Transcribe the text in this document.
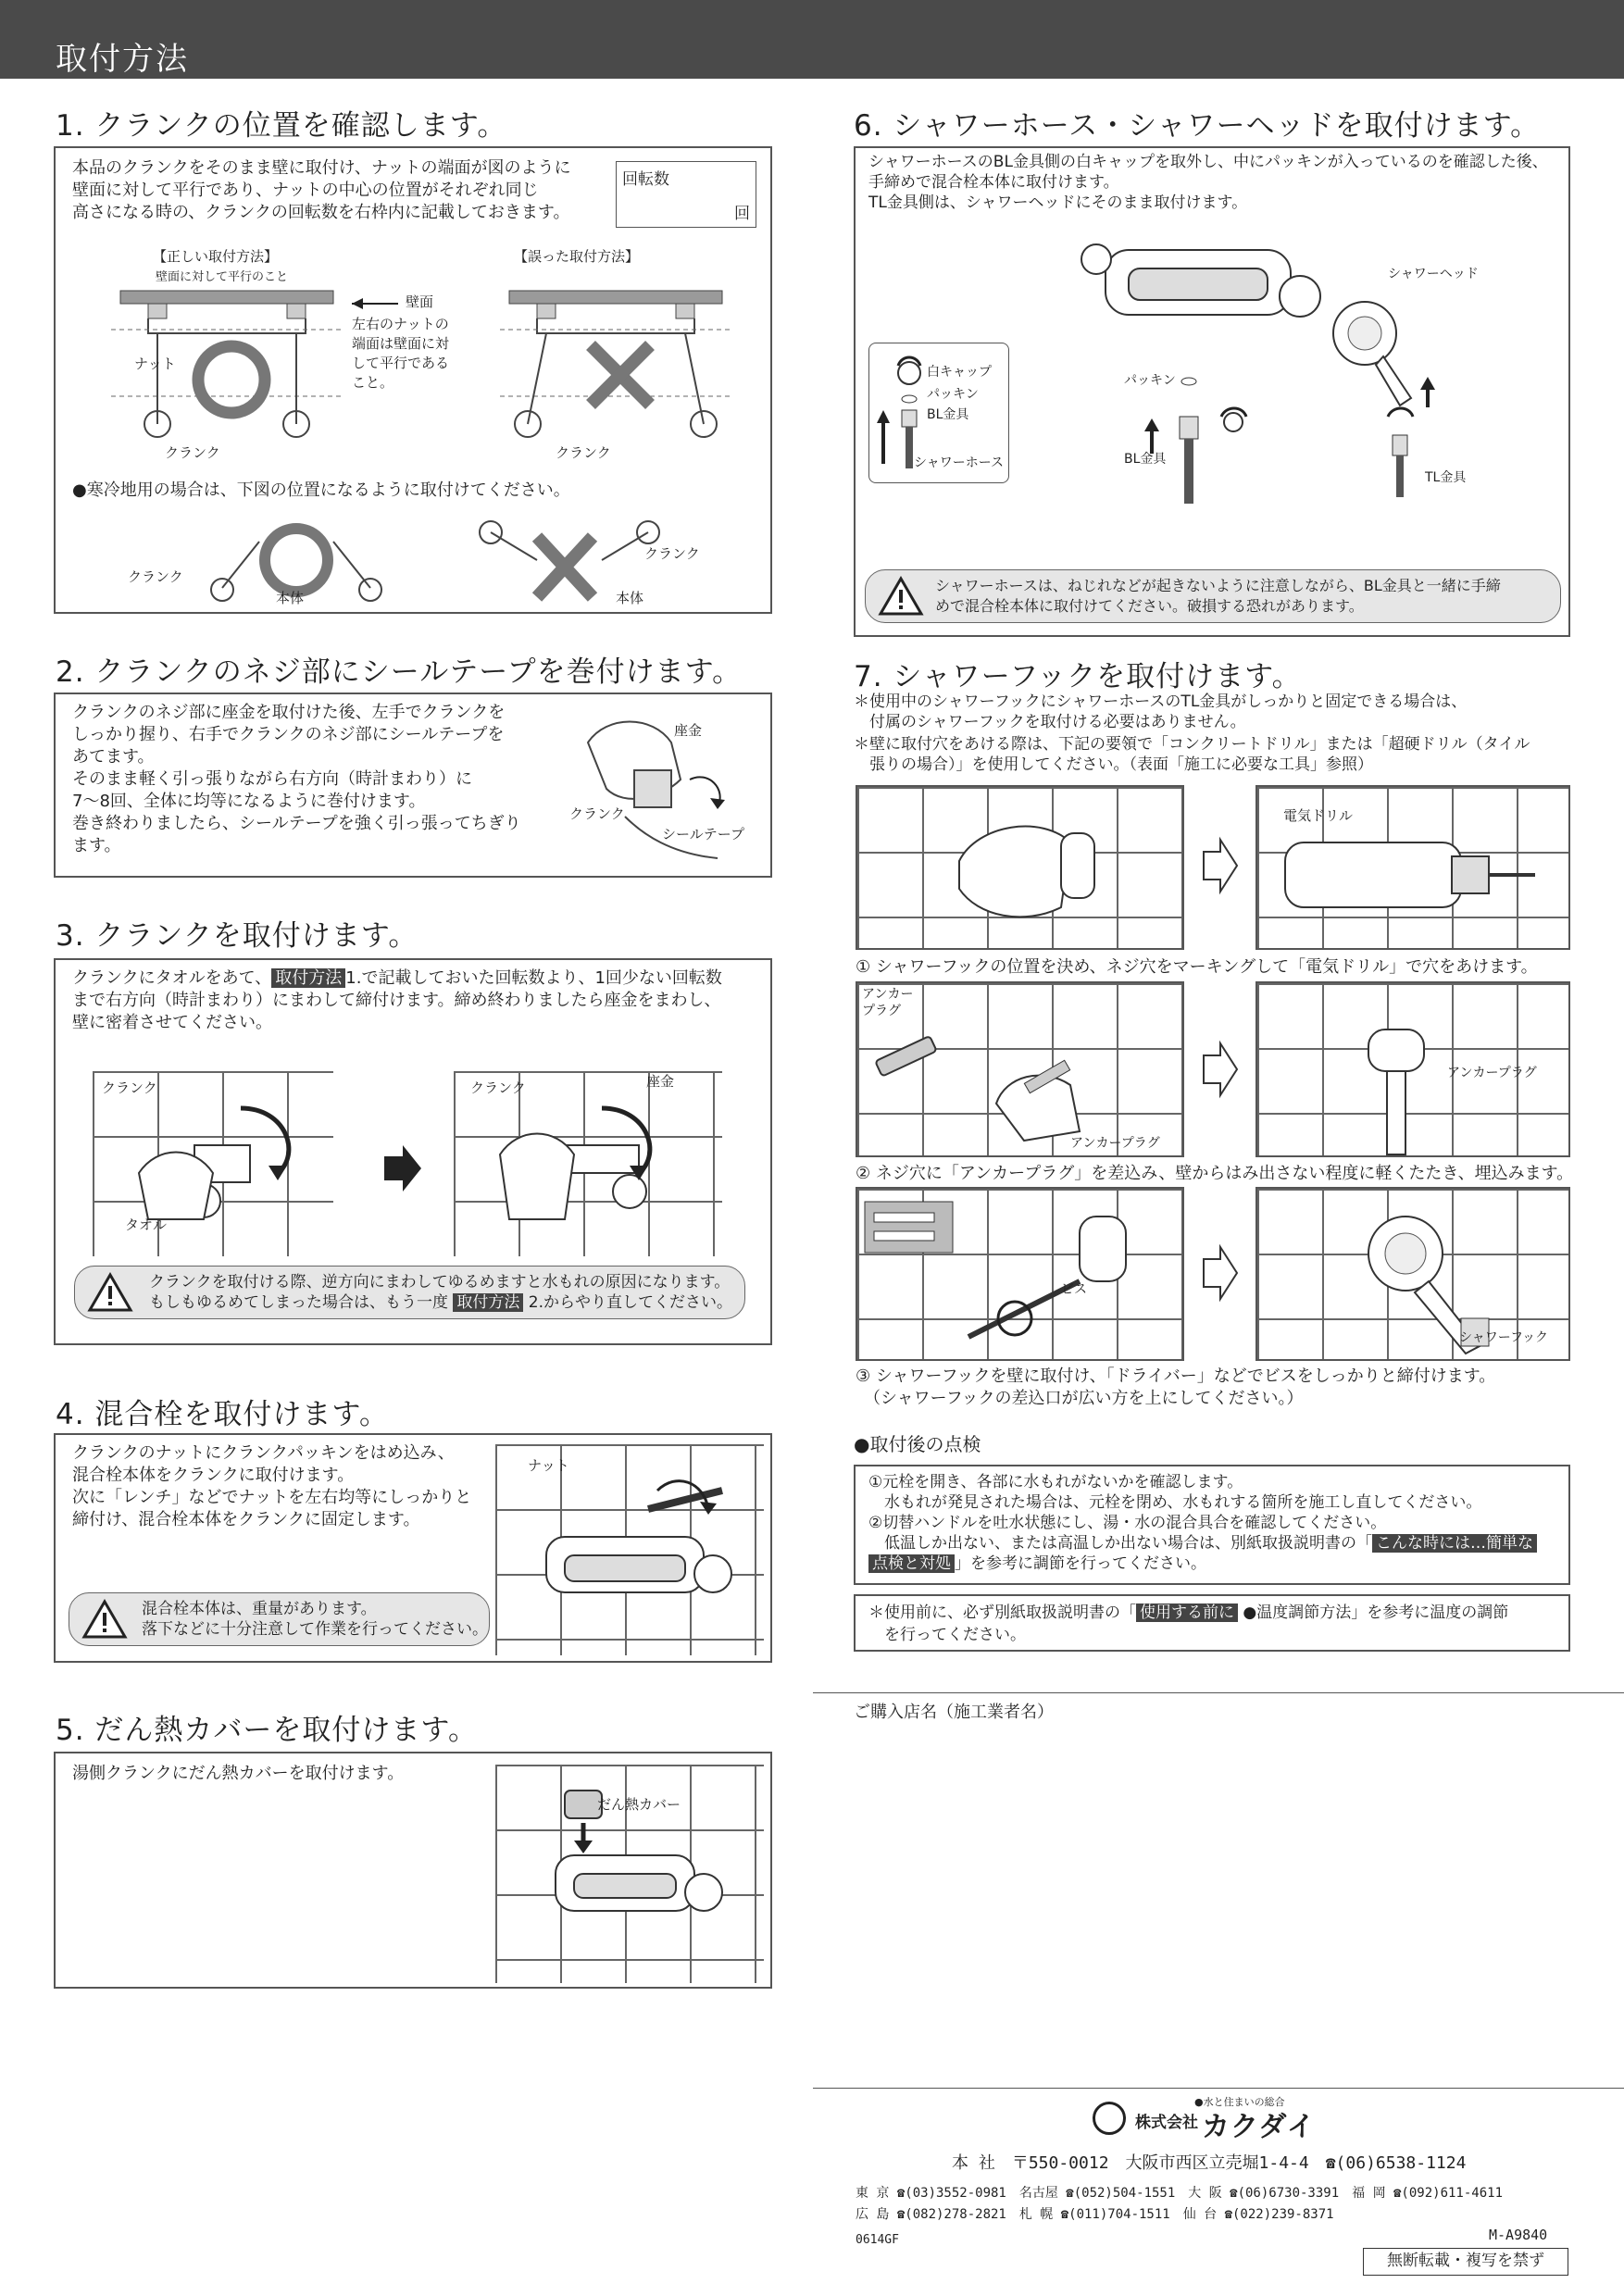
取付方法
1. クランクの位置を確認します。
本品のクランクをそのまま壁に取付け、ナットの端面が図のように
壁面に対して平行であり、ナットの中心の位置がそれぞれ同じ
高さになる時の、クランクの回転数を右枠内に記載しておきます。
回転数
回
【正しい取付方法】
壁面に対して平行のこと
【誤った取付方法】
壁面
ナット
クランク
左右のナットの
端面は壁面に対
して平行である
こと。
クランク
●寒冷地用の場合は、下図の位置になるように取付けてください。
クランク
本体
クランク
本体
2. クランクのネジ部にシールテープを巻付けます。
クランクのネジ部に座金を取付けた後、左手でクランクを
しっかり握り、右手でクランクのネジ部にシールテープを
あてます。
そのまま軽く引っ張りながら右方向（時計まわり）に
7〜8回、全体に均等になるように巻付けます。
巻き終わりましたら、シールテープを強く引っ張ってちぎり
ます。
座金
クランク
シールテープ
3. クランクを取付けます。
クランクにタオルをあて、 取付方法 1.で記載しておいた回転数より、1回少ない回転数
まで右方向（時計まわり）にまわして締付けます。締め終わりましたら座金をまわし、
壁に密着させてください。
クランク
タオル
クランク	座金
クランクを取付ける際、逆方向にまわしてゆるめますと水もれの原因になります。
もしもゆるめてしまった場合は、もう一度 取付方法 2.からやり直してください。
4. 混合栓を取付けます。
クランクのナットにクランクパッキンをはめ込み、
混合栓本体をクランクに取付けます。
次に「レンチ」などでナットを左右均等にしっかりと
締付け、混合栓本体をクランクに固定します。
ナット
混合栓本体は、重量があります。
落下などに十分注意して作業を行ってください。
5. だん熱カバーを取付けます。
湯側クランクにだん熱カバーを取付けます。
だん熱カバー
6. シャワーホース・シャワーヘッドを取付けます。
シャワーホースのBL金具側の白キャップを取外し、中にパッキンが入っているのを確認した後、
手締めで混合栓本体に取付けます。
TL金具側は、シャワーヘッドにそのまま取付けます。
白キャップ
パッキン
BL金具
シャワーホース
パッキン
BL金具
シャワーヘッド
TL金具
シャワーホースは、ねじれなどが起きないように注意しながら、BL金具と一緒に手締
めで混合栓本体に取付けてください。破損する恐れがあります。
7. シャワーフックを取付けます。
＊使用中のシャワーフックにシャワーホースのTL金具がしっかりと固定できる場合は、
　付属のシャワーフックを取付ける必要はありません。
＊壁に取付穴をあける際は、下記の要領で「コンクリートドリル」または「超硬ドリル（タイル
　張りの場合）」を使用してください。（表面「施工に必要な工具」参照）
電気ドリル
① シャワーフックの位置を決め、ネジ穴をマーキングして「電気ドリル」で穴をあけます。
アンカー
プラグ
アンカープラグ
アンカープラグ
② ネジ穴に「アンカープラグ」を差込み、壁からはみ出さない程度に軽くたたき、埋込みます。
ビス
シャワーフック
③ シャワーフックを壁に取付け、「ドライバー」などでビスをしっかりと締付けます。
　（シャワーフックの差込口が広い方を上にしてください。）
●取付後の点検
①元栓を開き、各部に水もれがないかを確認します。
　水もれが発見された場合は、元栓を閉め、水もれする箇所を施工し直してください。
②切替ハンドルを吐水状態にし、湯・水の混合具合を確認してください。
　低温しか出ない、または高温しか出ない場合は、別紙取扱説明書の「 こんな時には…簡単な
点検と対処 」を参考に調節を行ってください。
＊使用前に、必ず別紙取扱説明書の「 使用する前に ●温度調節方法」を参考に温度の調節
　を行ってください。
ご購入店名（施工業者名）
●水と住まいの総合
株式会社 カクダイ
本 社　〒550-0012　大阪市西区立売堀1-4-4　☎(06)6538-1124
東 京 ☎(03)3552-0981　名古屋 ☎(052)504-1551　大 阪 ☎(06)6730-3391　福 岡 ☎(092)611-4611
広 島 ☎(082)278-2821　札 幌 ☎(011)704-1511　仙 台 ☎(022)239-8371
0614GF	M-A9840
無断転載・複写を禁ず
